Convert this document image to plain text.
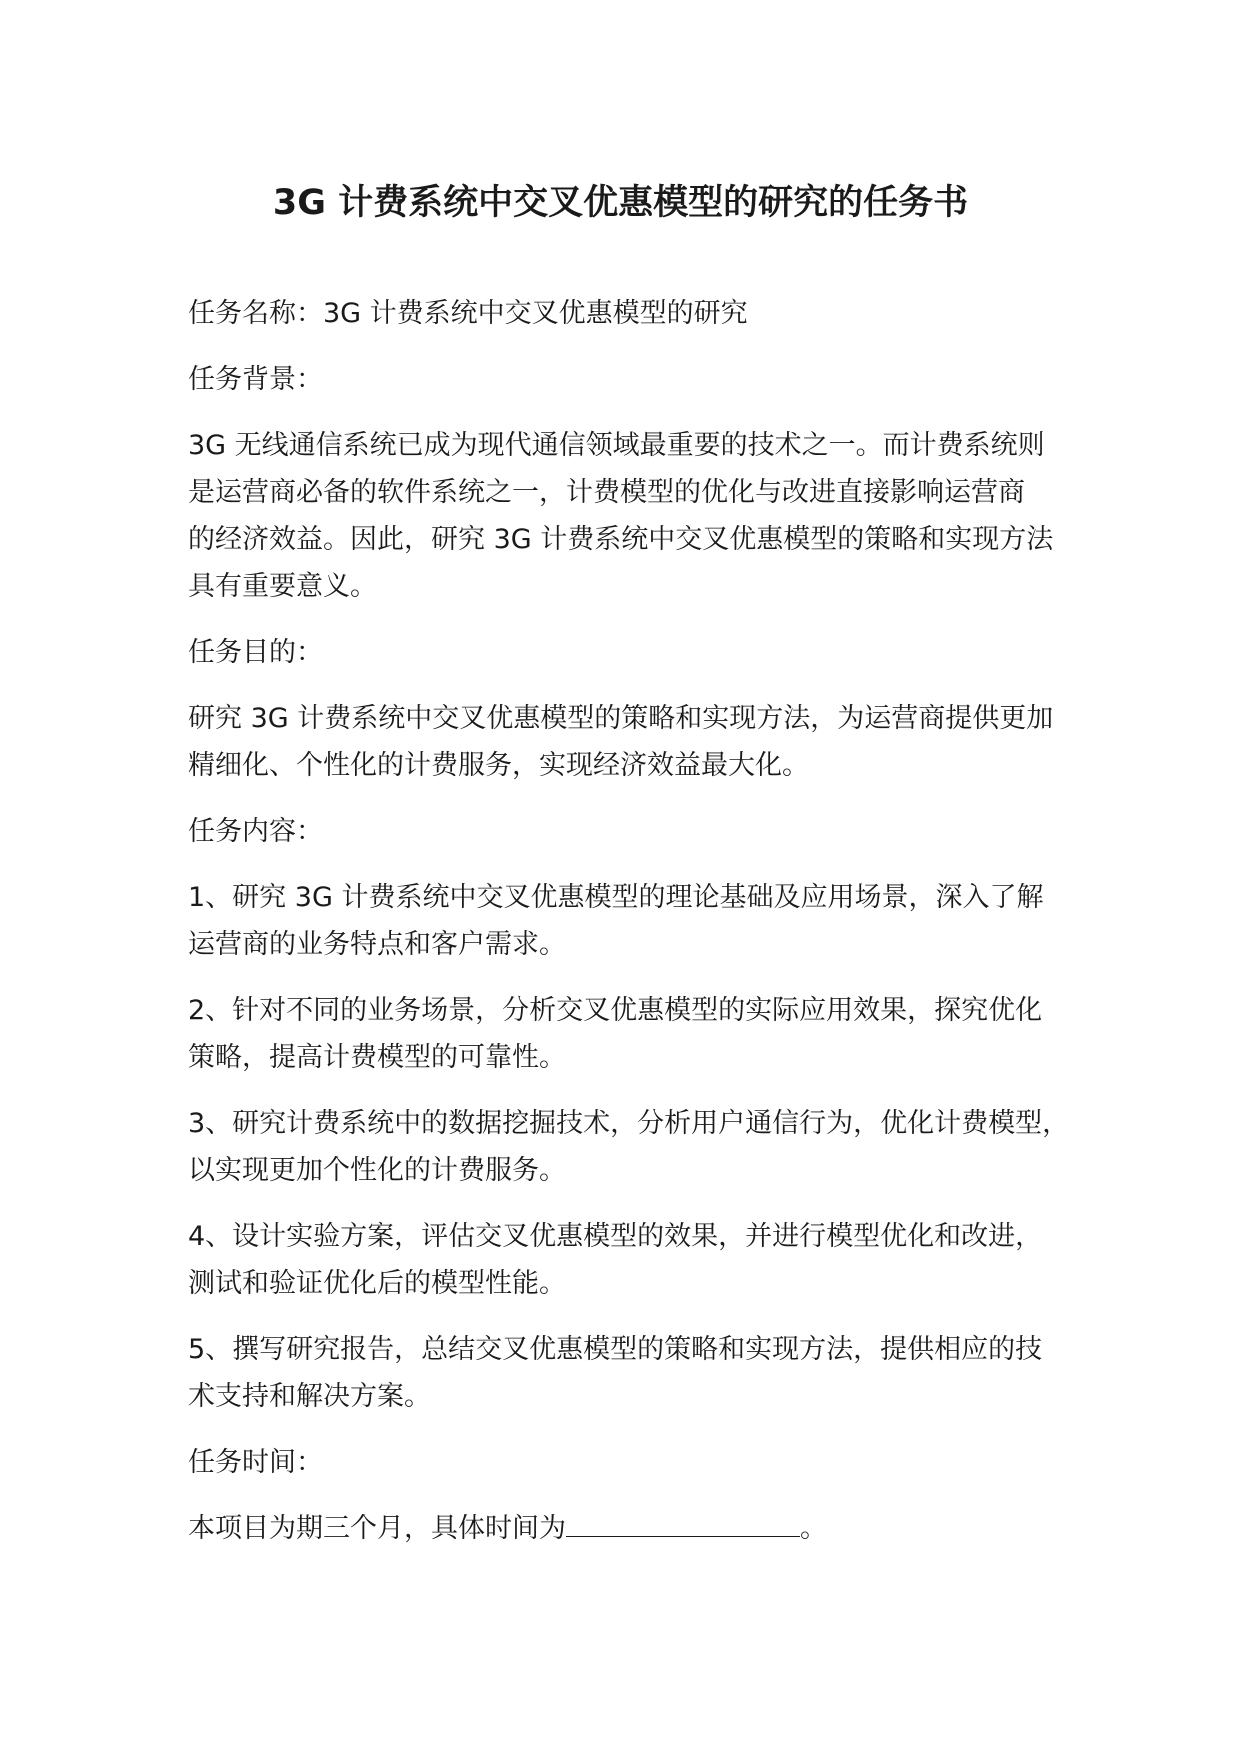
3G 计费系统中交叉优惠模型的研究的任务书

任务名称：3G 计费系统中交叉优惠模型的研究

任务背景：

3G 无线通信系统已成为现代通信领域最重要的技术之一。而计费系统则
是运营商必备的软件系统之一，计费模型的优化与改进直接影响运营商
的经济效益。因此，研究 3G 计费系统中交叉优惠模型的策略和实现方法
具有重要意义。

任务目的：

研究 3G 计费系统中交叉优惠模型的策略和实现方法，为运营商提供更加
精细化、个性化的计费服务，实现经济效益最大化。

任务内容：

1、研究 3G 计费系统中交叉优惠模型的理论基础及应用场景，深入了解
运营商的业务特点和客户需求。

2、针对不同的业务场景，分析交叉优惠模型的实际应用效果，探究优化
策略，提高计费模型的可靠性。

3、研究计费系统中的数据挖掘技术，分析用户通信行为，优化计费模型，
以实现更加个性化的计费服务。

4、设计实验方案，评估交叉优惠模型的效果，并进行模型优化和改进，
测试和验证优化后的模型性能。

5、撰写研究报告，总结交叉优惠模型的策略和实现方法，提供相应的技
术支持和解决方案。

任务时间：

本项目为期三个月，具体时间为	。
